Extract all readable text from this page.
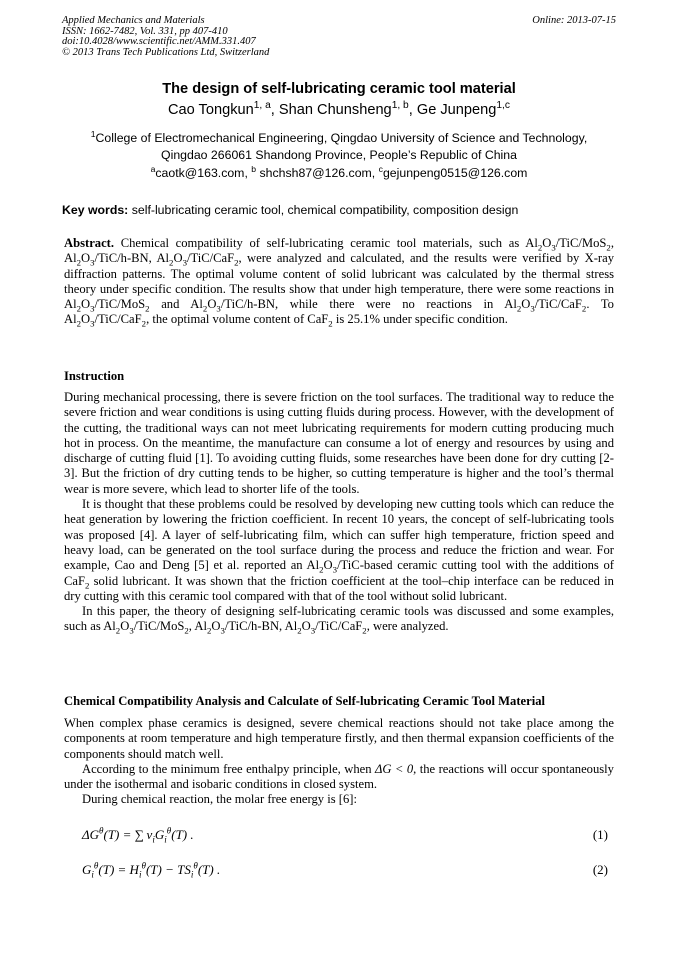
Applied Mechanics and Materials
ISSN: 1662-7482, Vol. 331, pp 407-410
doi:10.4028/www.scientific.net/AMM.331.407
© 2013 Trans Tech Publications Ltd, Switzerland
Online: 2013-07-15
The design of self-lubricating ceramic tool material
Cao Tongkun$^{1, a}$, Shan Chunsheng$^{1, b}$, Ge Junpeng$^{1,c}$
$^1$College of Electromechanical Engineering, Qingdao University of Science and Technology,
Qingdao 266061 Shandong Province, People’s Republic of China
$^a$caotk@163.com, $^b$ shchsh87@126.com, $^c$gejunpeng0515@126.com
Key words: self-lubricating ceramic tool, chemical compatibility, composition design

Abstract. Chemical compatibility of self-lubricating ceramic tool materials, such as $Al_2O_3/TiC/MoS_2$, $Al_2O_3/TiC/h-BN$, $Al_2O_3/TiC/CaF_2$, were analyzed and calculated, and the results were verified by X-ray diffraction patterns. The optimal volume content of solid lubricant was calculated by the thermal stress theory under specific condition. The results show that under high temperature, there were some reactions in $Al_2O_3/TiC/MoS_2$ and $Al_2O_3/TiC/h-BN$, while there were no reactions in $Al_2O_3/TiC/CaF_2$. To $Al_2O_3/TiC/CaF_2$, the optimal volume content of CaF$_2$ is 25.1% under specific condition.

Instruction

During mechanical processing, there is severe friction on the tool surfaces. The traditional way to reduce the severe friction and wear conditions is using cutting fluids during process. However, with the development of the cutting, the traditional ways can not meet lubricating requirements for modern cutting producing much hot in process. On the meantime, the manufacture can consume a lot of energy and resources by using and discharge of cutting fluid [1]. To avoiding cutting fluids, some researches have been done for dry cutting [2-3]. But the friction of dry cutting tends to be higher, so cutting temperature is higher and the tool’s thermal wear is more severe, which lead to shorter life of the tools.

It is thought that these problems could be resolved by developing new cutting tools which can reduce the heat generation by lowering the friction coefficient. In recent 10 years, the concept of self-lubricating tools was proposed [4]. A layer of self-lubricating film, which can suffer high temperature, friction speed and heavy load, can be generated on the tool surface during the process and reduce the friction and wear. For example, Cao and Deng [5] et al. reported an $Al_2O_3/TiC$-based ceramic cutting tool with the additions of CaF$_2$ solid lubricant. It was shown that the friction coefficient at the tool–chip interface can be reduced in dry cutting with this ceramic tool compared with that of the tool without solid lubricant.

In this paper, the theory of designing self-lubricating ceramic tools was discussed and some examples, such as $Al_2O_3/TiC/MoS_2$, $Al_2O_3/TiC/h-BN$, $Al_2O_3/TiC/CaF_2$, were analyzed.

Chemical Compatibility Analysis and Calculate of Self-lubricating Ceramic Tool Material

When complex phase ceramics is designed, severe chemical reactions should not take place among the components at room temperature and high temperature firstly, and then thermal expansion coefficients of the components should match well.

According to the minimum free enthalpy principle, when ΔG < 0, the reactions will occur spontaneously under the isothermal and isobaric conditions in closed system.

During chemical reaction, the molar free energy is [6]:

$\Delta G^\theta(T)$ = ∑ $v_iG_i^\theta(T)$ .	(1)
$G_i^\theta(T) = H_i^\theta(T) - TS_i^\theta(T)$ .	(2)
